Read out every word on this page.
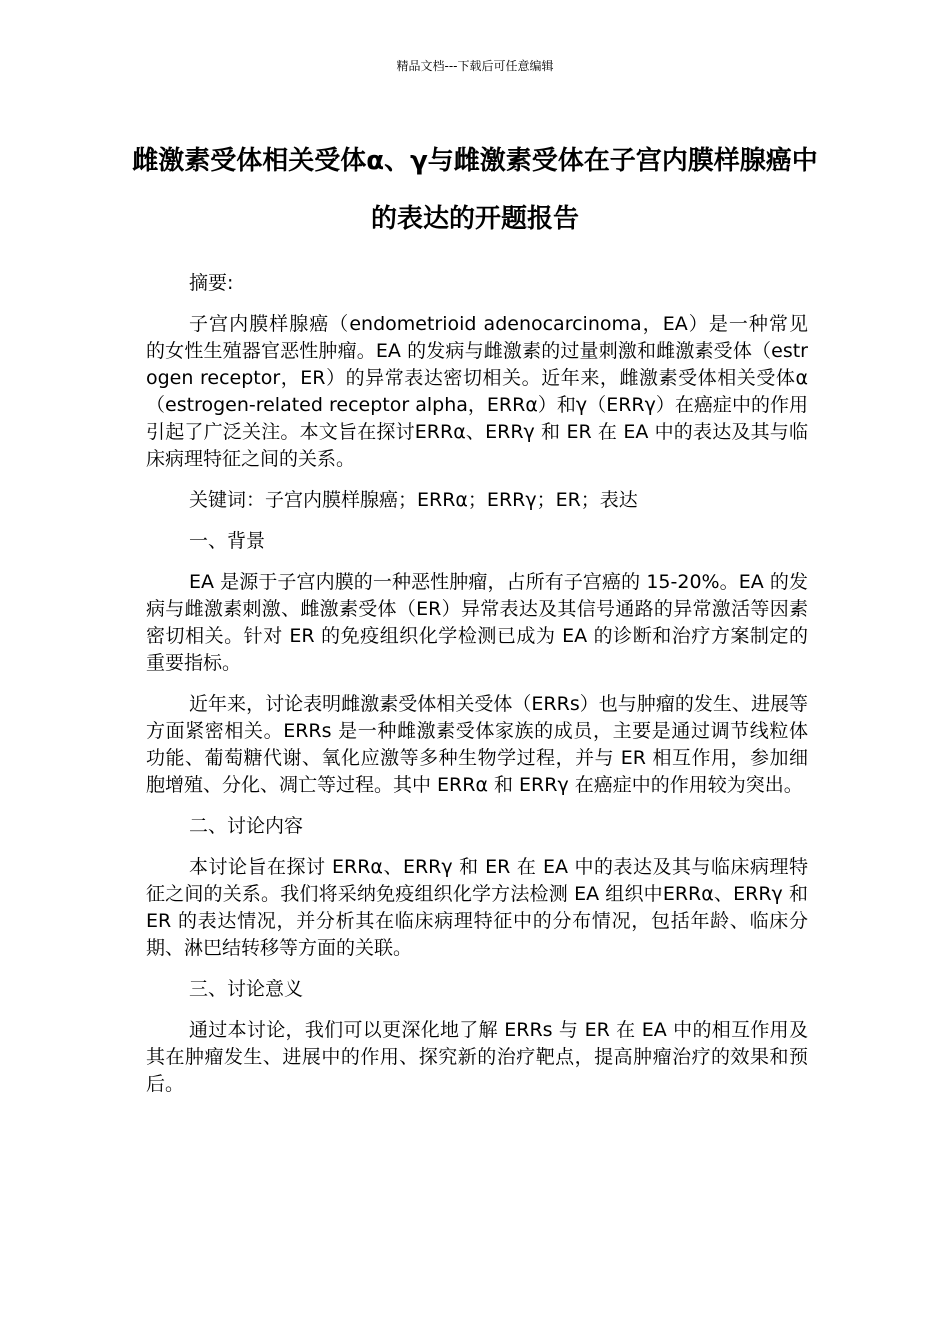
精品文档---下载后可任意编辑
雌激素受体相关受体α、γ与雌激素受体在子宫内膜样腺癌中的表达的开题报告

摘要:

子宫内膜样腺癌（endometrioid adenocarcinoma，EA）是一种常见的女性生殖器官恶性肿瘤。EA 的发病与雌激素的过量刺激和雌激素受体（estrogen receptor，ER）的异常表达密切相关。近年来，雌激素受体相关受体α（estrogen-related receptor alpha，ERRα）和γ（ERRγ）在癌症中的作用引起了广泛关注。本文旨在探讨ERRα、ERRγ 和 ER 在 EA 中的表达及其与临床病理特征之间的关系。

关键词：子宫内膜样腺癌；ERRα；ERRγ；ER；表达

一、背景

EA 是源于子宫内膜的一种恶性肿瘤，占所有子宫癌的 15-20%。EA 的发病与雌激素刺激、雌激素受体（ER）异常表达及其信号通路的异常激活等因素密切相关。针对 ER 的免疫组织化学检测已成为 EA 的诊断和治疗方案制定的重要指标。

近年来，讨论表明雌激素受体相关受体（ERRs）也与肿瘤的发生、进展等方面紧密相关。ERRs 是一种雌激素受体家族的成员，主要是通过调节线粒体功能、葡萄糖代谢、氧化应激等多种生物学过程，并与 ER 相互作用，参加细胞增殖、分化、凋亡等过程。其中 ERRα 和 ERRγ 在癌症中的作用较为突出。

二、讨论内容

本讨论旨在探讨 ERRα、ERRγ 和 ER 在 EA 中的表达及其与临床病理特征之间的关系。我们将采纳免疫组织化学方法检测 EA 组织中ERRα、ERRγ 和 ER 的表达情况，并分析其在临床病理特征中的分布情况，包括年龄、临床分期、淋巴结转移等方面的关联。

三、讨论意义

通过本讨论，我们可以更深化地了解 ERRs 与 ER 在 EA 中的相互作用及其在肿瘤发生、进展中的作用、探究新的治疗靶点，提高肿瘤治疗的效果和预后。
